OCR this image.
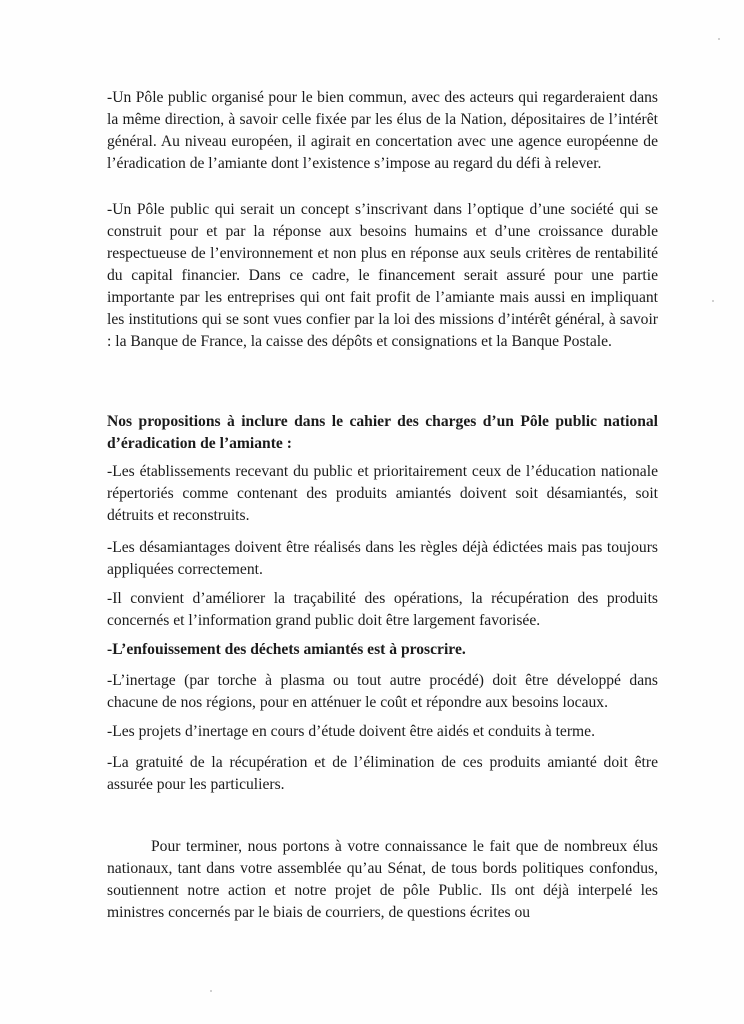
-Un Pôle public organisé pour le bien commun, avec des acteurs qui regarderaient dans la même direction, à savoir celle fixée par les élus de la Nation, dépositaires de l’intérêt général. Au niveau européen, il agirait en concertation avec une agence européenne de l’éradication de l’amiante dont l’existence s’impose au regard du défi à relever.

-Un Pôle public qui serait un concept s’inscrivant dans l’optique d’une société qui se construit pour et par la réponse aux besoins humains et d’une croissance durable respectueuse de l’environnement et non plus en réponse aux seuls critères de rentabilité du capital financier. Dans ce cadre, le financement serait assuré pour une partie importante par les entreprises qui ont fait profit de l’amiante mais aussi en impliquant les institutions qui se sont vues confier par la loi des missions d’intérêt général, à savoir : la Banque de France, la caisse des dépôts et consignations et la Banque Postale.

Nos propositions à inclure dans le cahier des charges d’un Pôle public national d’éradication de l’amiante :

-Les établissements recevant du public et prioritairement ceux de l’éducation nationale répertoriés comme contenant des produits amiantés doivent soit désamiantés, soit détruits et reconstruits.

-Les désamiantages doivent être réalisés dans les règles déjà édictées mais pas toujours appliquées correctement.

-Il convient d’améliorer la traçabilité des opérations, la récupération des produits concernés et l’information grand public doit être largement favorisée.

-L’enfouissement des déchets amiantés est à proscrire.

-L’inertage (par torche à plasma ou tout autre procédé) doit être développé dans chacune de nos régions, pour en atténuer le coût et répondre aux besoins locaux.

-Les projets d’inertage en cours d’étude doivent être aidés et conduits à terme.

-La gratuité de la récupération et de l’élimination de ces produits amianté doit être assurée pour les particuliers.

Pour terminer, nous portons à votre connaissance le fait que de nombreux élus nationaux, tant dans votre assemblée qu’au Sénat, de tous bords politiques confondus, soutiennent notre action et notre projet de pôle Public. Ils ont déjà interpelé les ministres concernés par le biais de courriers, de questions écrites ou
